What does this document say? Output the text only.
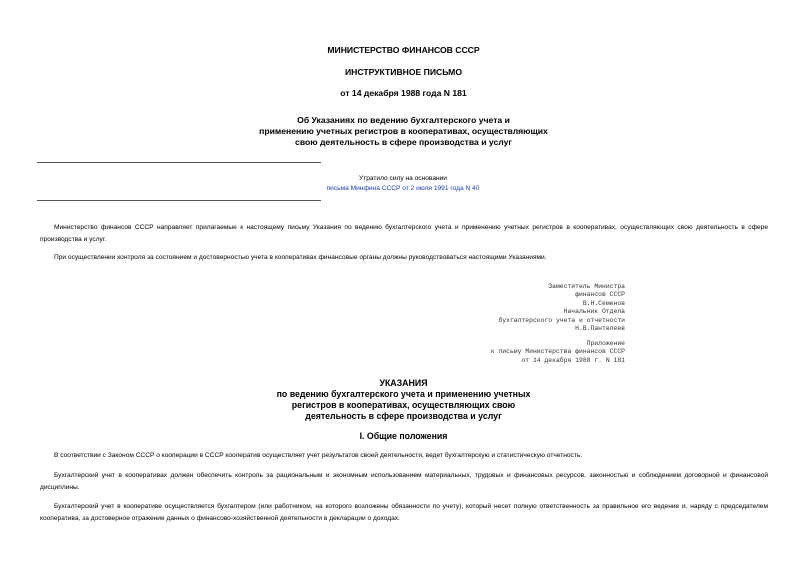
МИНИСТЕРСТВО ФИНАНСОВ СССР
ИНСТРУКТИВНОЕ ПИСЬМО
от 14 декабря 1988 года N 181
Об Указаниях по ведению бухгалтерского учета и
применению учетных регистров в кооперативах, осуществляющих
свою деятельность в сфере производства и услуг
Утратило силу на основании
письма Минфина СССР от 2 июля 1991 года N 40
Министерство финансов СССР направляет прилагаемые к настоящему письму Указания по ведению бухгалтерского учета и применению учетных регистров в кооперативах, осуществляющих свою деятельность в сфере производства и услуг.
При осуществлении контроля за состоянием и достоверностью учета в кооперативах финансовые органы должны руководствоваться настоящими Указаниями.
Заместитель Министра
финансов СССР
В.Н.Семенов
Начальник Отдела
бухгалтерского учета и отчетности
Н.В.Пантелеев
Приложение
к письму Министерства финансов СССР
от 14 декабря 1988 г. N 181
УКАЗАНИЯ
по ведению бухгалтерского учета и применению учетных
регистров в кооперативах, осуществляющих свою
деятельность в сфере производства и услуг
I. Общие положения
В соответствии с Законом СССР о кооперации в СССР кооператив осуществляет учет результатов своей деятельности, ведет бухгалтерскую и статистическую отчетность.
Бухгалтерский учет в кооперативах должен обеспечить контроль за рациональным и экономным использованием материальных, трудовых и финансовых ресурсов, законностью и соблюдением договорной и финансовой дисциплины.
Бухгалтерский учет в кооперативе осуществляется бухгалтером (или работником, на которого возложены обязанности по учету), который несет полную ответственность за правильное его ведение и, наряду с председателем кооператива, за достоверное отражение данных о финансово-хозяйственной деятельности в декларации о доходах.
